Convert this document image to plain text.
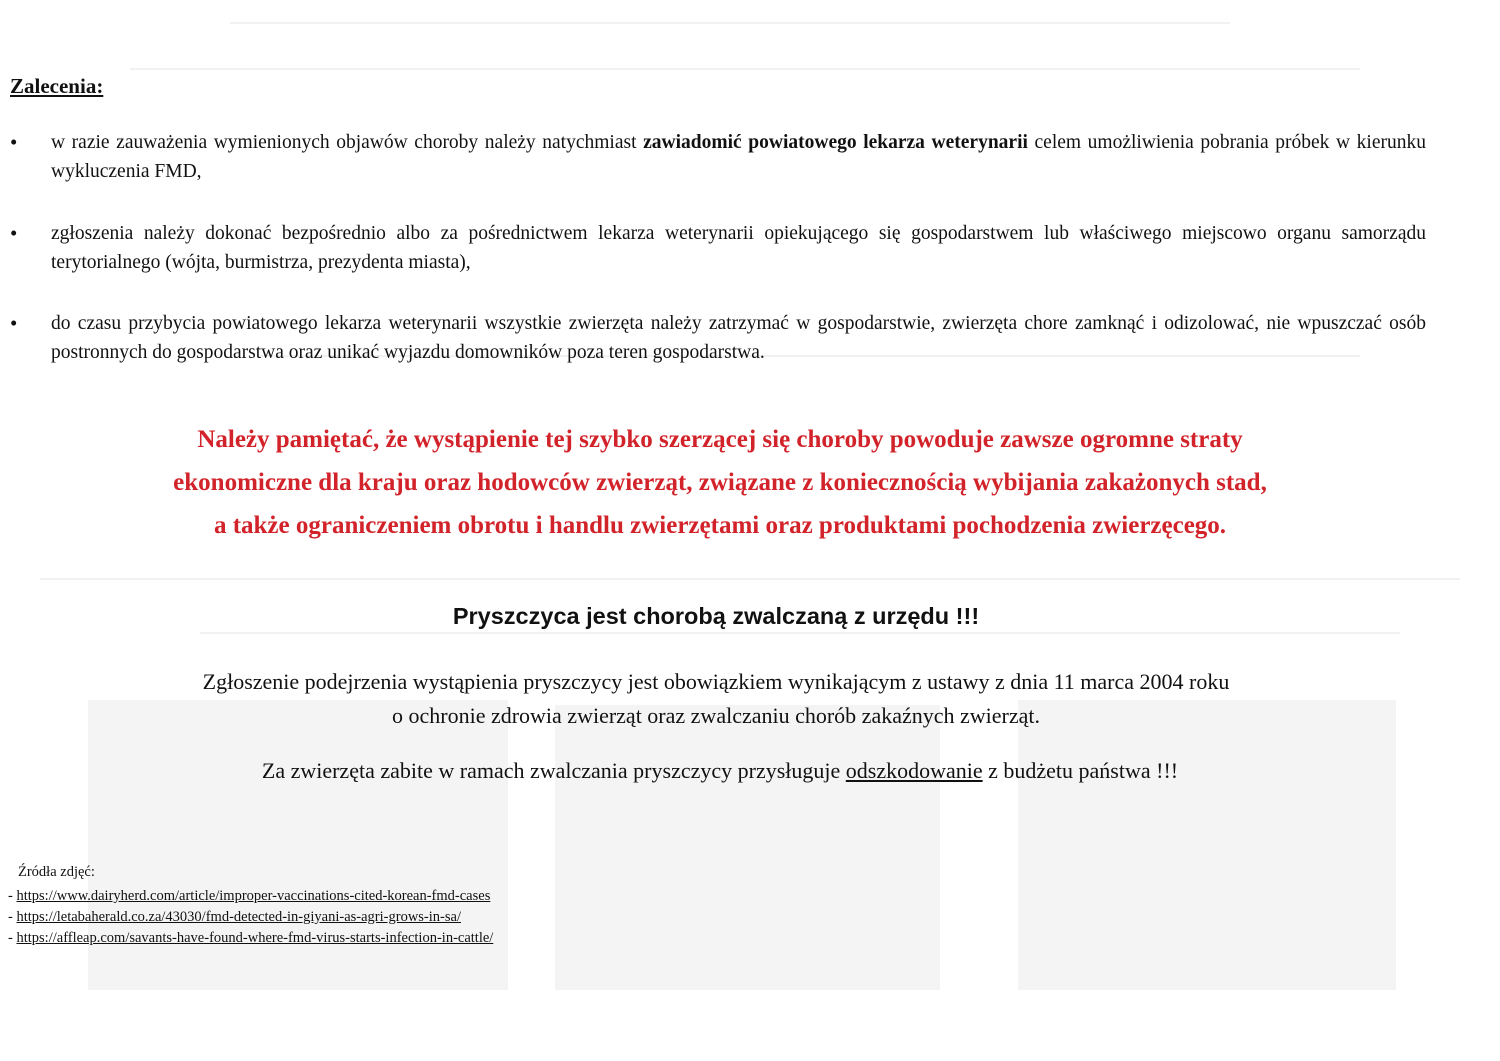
Zalecenia:
• w razie zauważenia wymienionych objawów choroby należy natychmiast zawiadomić powiatowego lekarza weterynarii celem umożliwienia pobrania próbek w kierunku wykluczenia FMD,
• zgłoszenia należy dokonać bezpośrednio albo za pośrednictwem lekarza weterynarii opiekującego się gospodarstwem lub właściwego miejscowo organu samorządu terytorialnego (wójta, burmistrza, prezydenta miasta),
• do czasu przybycia powiatowego lekarza weterynarii wszystkie zwierzęta należy zatrzymać w gospodarstwie, zwierzęta chore zamknąć i odizolować, nie wpuszczać osób postronnych do gospodarstwa oraz unikać wyjazdu domowników poza teren gospodarstwa.
Należy pamiętać, że wystąpienie tej szybko szerzącej się choroby powoduje zawsze ogromne straty
ekonomiczne dla kraju oraz hodowców zwierząt, związane z koniecznością wybijania zakażonych stad,
a także ograniczeniem obrotu i handlu zwierzętami oraz produktami pochodzenia zwierzęcego.
Pryszczyca jest chorobą zwalczaną z urzędu !!!
Zgłoszenie podejrzenia wystąpienia pryszczycy jest obowiązkiem wynikającym z ustawy z dnia 11 marca 2004 roku
o ochronie zdrowia zwierząt oraz zwalczaniu chorób zakaźnych zwierząt.
Za zwierzęta zabite w ramach zwalczania pryszczycy przysługuje odszkodowanie z budżetu państwa !!!
Źródła zdjęć:
- https://www.dairyherd.com/article/improper-vaccinations-cited-korean-fmd-cases
- https://letabaherald.co.za/43030/fmd-detected-in-giyani-as-agri-grows-in-sa/
- https://affleap.com/savants-have-found-where-fmd-virus-starts-infection-in-cattle/
